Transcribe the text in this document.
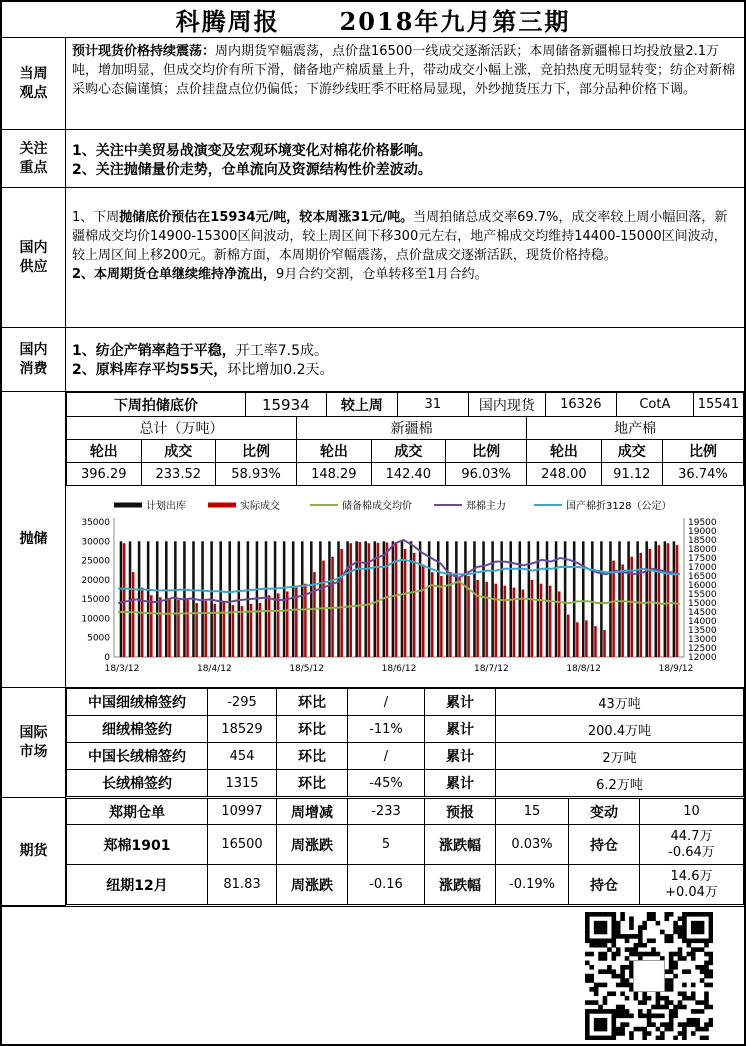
科腾周报	2018年九月第三期
当周
观点
预计现货价格持续震荡：周内期货窄幅震荡，点价盘16500一线成交逐渐活跃；本周储备新疆棉日均投放量2.1万吨，增加明显，但成交均价有所下滑，储备地产棉质量上升，带动成交小幅上涨，竞拍热度无明显转变；纺企对新棉采购心态偏谨慎；点价挂盘点位仍偏低；下游纱线旺季不旺格局显现，外纱抛货压力下，部分品种价格下调。
关注
重点
1、关注中美贸易战演变及宏观环境变化对棉花价格影响。
2、关注抛储量价走势，仓单流向及资源结构性价差波动。
国内
供应
1、下周抛储底价预估在15934元/吨，较本周涨31元/吨。当周拍储总成交率69.7%，成交率较上周小幅回落，新疆棉成交均价14900-15300区间波动，较上周区间下移300元左右，地产棉成交均维持14400-15000区间波动，较上周区间上移200元。新棉方面，本周期价窄幅震荡，点价盘成交逐渐活跃，现货价格持稳。
2、本周期货仓单继续维持净流出，9月合约交割，仓单转移至1月合约。
国内
消费
1、纺企产销率趋于平稳，开工率7.5成。
2、原料库存平均55天，环比增加0.2天。
抛储
下周拍储底价	15934	较上周	31	国内现货	16326	CotA	15541
总计（万吨）			新疆棉			地产棉		
轮出	成交	比例	轮出	成交	比例	轮出	成交	比例
396.29	233.52	58.93%	148.29	142.40	96.03%	248.00	91.12	36.74%
计划出库	实际成交	储备棉成交均价	郑棉主力	国产棉折3128（公定）
0
5000
10000
15000
20000
25000
30000
35000
12000
12500
13000
13500
14000
14500
15000
15500
16000
16500
17000
17500
18000
18500
19000
19500
18/3/12	18/4/12	18/5/12	18/6/12	18/7/12	18/8/12	18/9/12
国际
市场
中国细绒棉签约	-295	环比	/	累计	43万吨
细绒棉签约	18529	环比	-11%	累计	200.4万吨
中国长绒棉签约	454	环比	/	累计	2万吨
长绒棉签约	1315	环比	-45%	累计	6.2万吨
期货
郑期仓单	10997	周增减	-233	预报	15	变动	10
郑棉1901	16500	周涨跌	5	涨跌幅	0.03%	持仓	44.7万
-0.64万

纽期12月	81.83	周涨跌	-0.16	涨跌幅	-0.19%	持仓	14.6万
+0.04万
